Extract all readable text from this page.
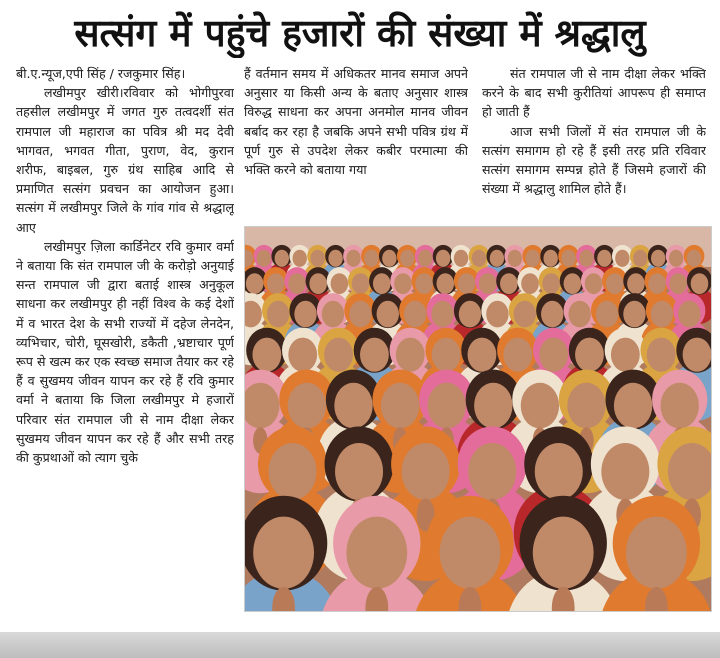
सत्संग में पहुंचे हजारों की संख्या में श्रद्धालु

बी.ए.न्यूज,एपी सिंह / रजकुमार सिंह।

लखीमपुर खीरी।रविवार को भोगीपुरवा तहसील लखीमपुर में जगत गुरु तत्वदर्शी संत रामपाल जी महाराज का पवित्र श्री मद देवी भागवत, भगवत गीता, पुराण, वेद, कुरान शरीफ, बाइबल, गुरु ग्रंथ साहिब आदि से प्रमाणित सत्संग प्रवचन का आयोजन हुआ। सत्संग में लखीमपुर जिले के गांव गांव से श्रद्धालू आए

लखीमपुर ज़िला कार्डिनेटर रवि कुमार वर्मा ने बताया कि संत रामपाल जी के करोड़ो अनुयाई सन्त रामपाल जी द्वारा बताई शास्त्र अनुकूल साधना कर लखीमपुर ही नहीं विश्व के कई देशों में व भारत देश के सभी राज्यों में दहेज लेनदेन, व्यभिचार, चोरी, घूसखोरी, डकैती ,भ्रष्टाचार पूर्ण रूप से खत्म कर एक स्वच्छ समाज तैयार कर रहे हैं व सुखमय जीवन यापन कर रहे हैं रवि कुमार वर्मा ने बताया कि जिला लखीमपुर मे हजारों परिवार संत रामपाल जी से नाम दीक्षा लेकर सुखमय जीवन यापन कर रहे हैं और सभी तरह की कुप्रथाओं को त्याग चुके

हैं वर्तमान समय में अधिकतर मानव समाज अपने अनुसार या किसी अन्य के बताए अनुसार शास्त्र विरुद्ध साधना कर अपना अनमोल मानव जीवन बर्बाद कर रहा है जबकि अपने सभी पवित्र ग्रंथ में पूर्ण गुरु से उपदेश लेकर कबीर परमात्मा की भक्ति करने को बताया गया

संत रामपाल जी से नाम दीक्षा लेकर भक्ति करने के बाद सभी कुरीतियां आपरूप ही समाप्त हो जाती हैं

आज सभी जिलों में संत रामपाल जी के सत्संग समागम हो रहे हैं इसी तरह प्रति रविवार सत्संग समागम सम्पन्न होते हैं जिसमे हजारों की संख्या में श्रद्धालु शामिल होते हैं।
